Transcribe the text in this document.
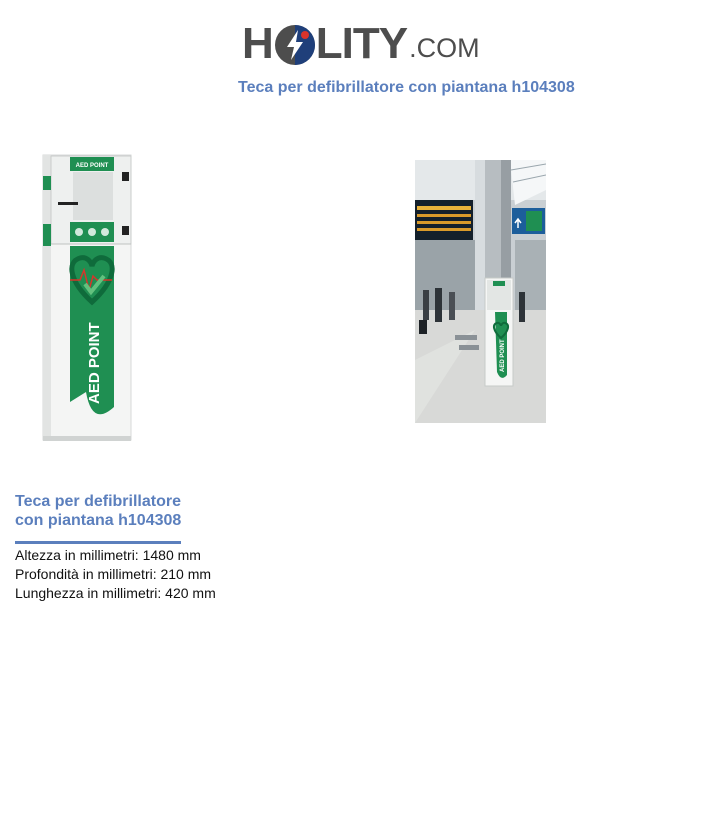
H LITY .COM
Teca per defibrillatore con piantana h104308
AED POINT
AED POINT	AED POINT
Teca per defibrillatore
con piantana h104308
Altezza in millimetri: 1480 mm
Profondità in millimetri: 210 mm
Lunghezza in millimetri: 420 mm
